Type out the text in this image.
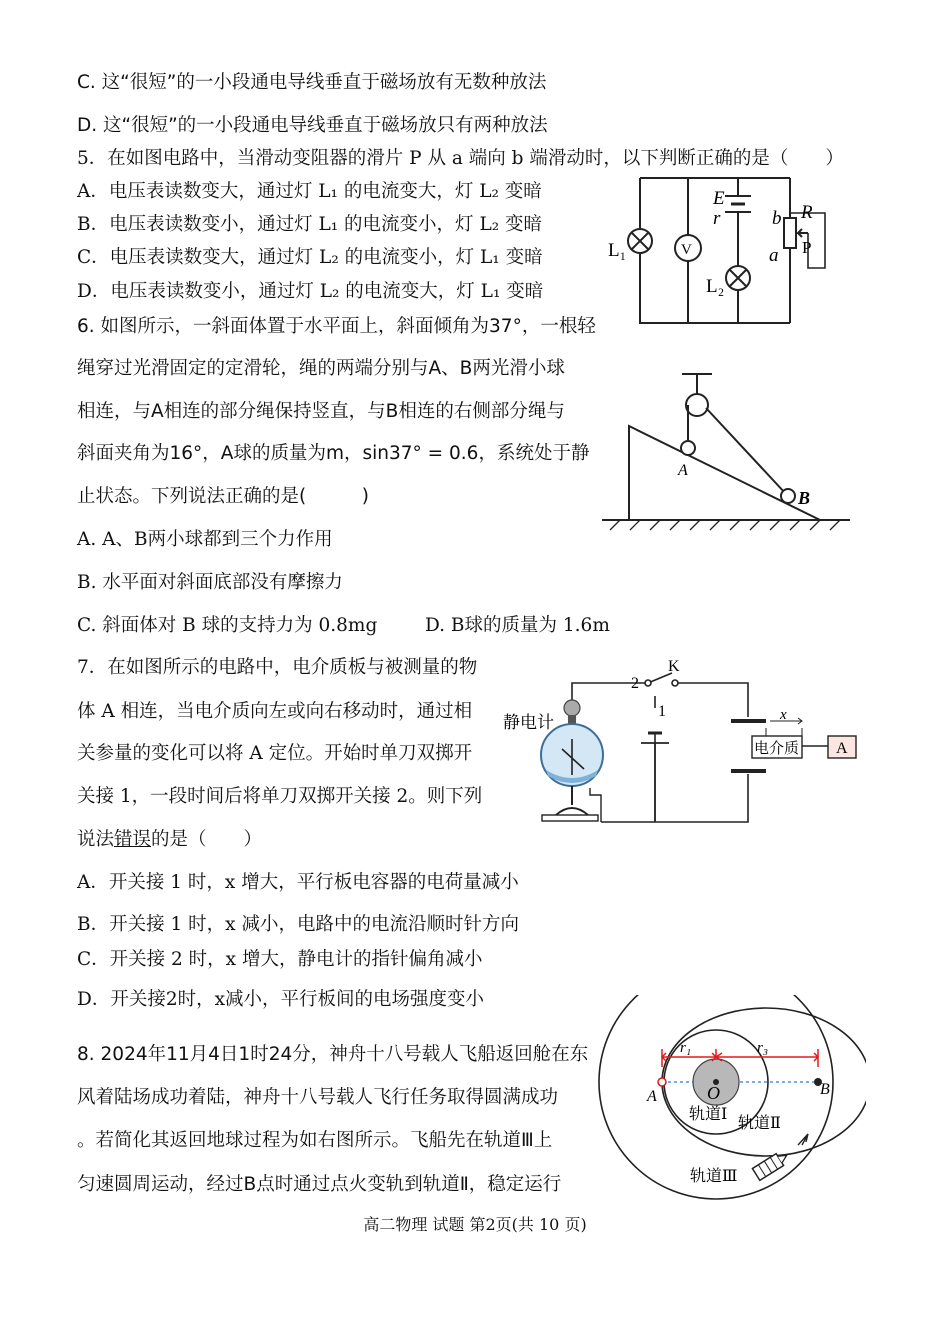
C. 这“很短”的一小段通电导线垂直于磁场放有无数种放法
D. 这“很短”的一小段通电导线垂直于磁场放只有两种放法
5．在如图电路中，当滑动变阻器的滑片 P 从 a 端向 b 端滑动时，以下判断正确的是（　　）
A．电压表读数变大，通过灯 L₁ 的电流变大，灯 L₂ 变暗
B．电压表读数变小，通过灯 L₁ 的电流变小，灯 L₂ 变暗
C．电压表读数变大，通过灯 L₂ 的电流变小，灯 L₁ 变暗
D．电压表读数变小，通过灯 L₂ 的电流变大，灯 L₁ 变暗
L₁	V
E
r
L₂
R
b
a P
6. 如图所示，一斜面体置于水平面上，斜面倾角为37°，一根轻
绳穿过光滑固定的定滑轮，绳的两端分别与A、B两光滑小球
相连，与A相连的部分绳保持竖直，与B相连的右侧部分绳与
斜面夹角为16°，A球的质量为m，sin37° = 0.6，系统处于静
止状态。下列说法正确的是(　　　)
A. A、B两小球都到三个力作用
B. 水平面对斜面底部没有摩擦力
C. 斜面体对 B 球的支持力为 0.8mg	D. B球的质量为 1.6m
A
B
7．在如图所示的电路中，电介质板与被测量的物
体 A 相连，当电介质向左或向右移动时，通过相
关参量的变化可以将 A 定位。开始时单刀双掷开
关接 1，一段时间后将单刀双掷开关接 2。则下列
说法错误的是（　　）
A．开关接 1 时，x 增大，平行板电容器的电荷量减小
B．开关接 1 时，x 减小，电路中的电流沿顺时针方向
C．开关接 2 时，x 增大，静电计的指针偏角减小
D．开关接2时，x减小，平行板间的电场强度变小
静电计
K
2
1
电介质 A
x
8. 2024年11月4日1时24分，神舟十八号载人飞船返回舱在东
风着陆场成功着陆，神舟十八号载人飞行任务取得圆满成功
。若简化其返回地球过程为如右图所示。飞船先在轨道Ⅲ上
匀速圆周运动，经过B点时通过点火变轨到轨道Ⅱ，稳定运行
r₁	r₃
O
A	B
轨道Ⅰ
轨道Ⅱ
轨道Ⅲ
高二物理 试题 第2页(共 10 页)
